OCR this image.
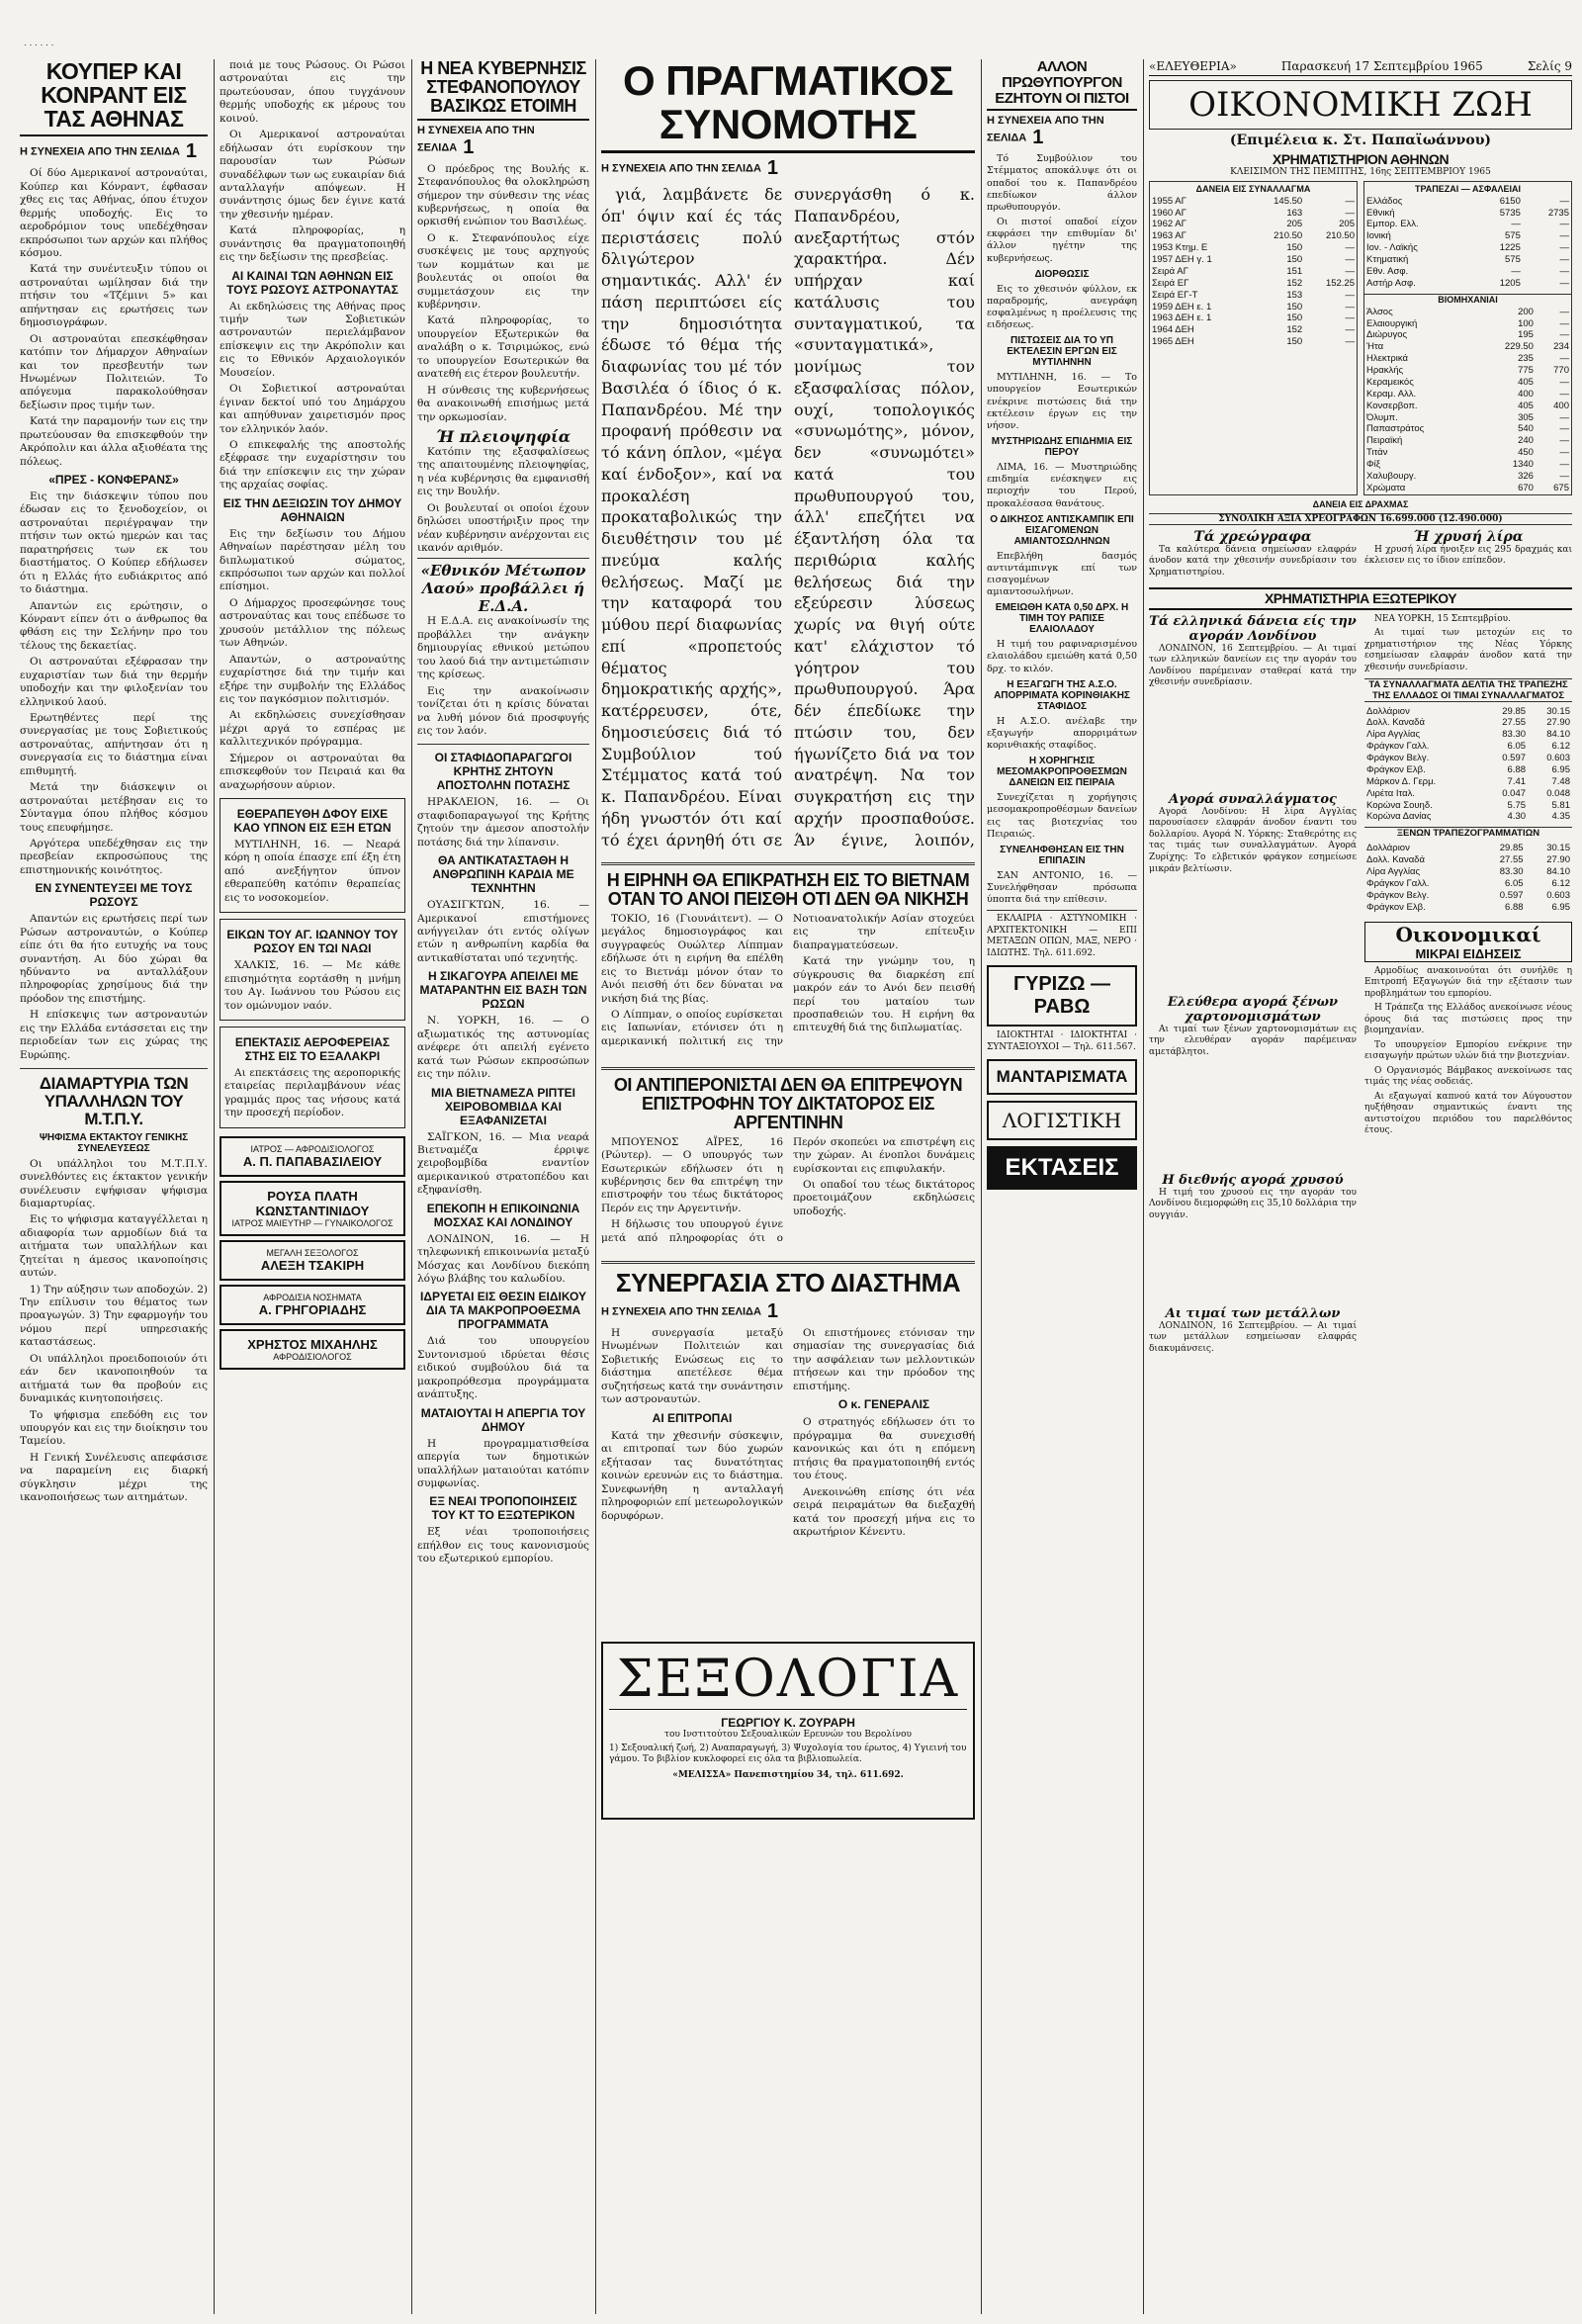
· · · · · ·
ΚΟΥΠΕΡ ΚΑΙ ΚΟΝΡΑΝΤ ΕΙΣ ΤΑΣ ΑΘΗΝΑΣ
Η ΣΥΝΕΧΕΙΑ ΑΠΟ ΤΗΝ ΣΕΛΙΔΑ 1

Οί δύο Αμερικανοί αστροναύται, Κούπερ και Κόνραντ, έφθασαν χθες εις τας Αθήνας, όπου έτυχον θερμής υποδοχής. Εις το αεροδρόμιον τους υπεδέχθησαν εκπρόσωποι των αρχών και πλήθος κόσμου.

Κατά την συνέντευξιν τύπου οι αστροναύται ωμίλησαν διά την πτήσιν του «Τζέμινι 5» και απήντησαν εις ερωτήσεις των δημοσιογράφων.

Οι αστροναύται επεσκέφθησαν κατόπιν τον Δήμαρχον Αθηναίων και τον πρεσβευτήν των Ηνωμένων Πολιτειών. Το απόγευμα παρακολούθησαν δεξίωσιν προς τιμήν των.

Κατά την παραμονήν των εις την πρωτεύουσαν θα επισκεφθούν την Ακρόπολιν και άλλα αξιοθέατα της πόλεως.

«ΠΡΕΣ - ΚΟΝΦΕΡΑΝΣ»

Εις την διάσκεψιν τύπου που έδωσαν εις το ξενοδοχείον, οι αστροναύται περιέγραψαν την πτήσιν των οκτώ ημερών και τας παρατηρήσεις των εκ του διαστήματος. Ο Κούπερ εδήλωσεν ότι η Ελλάς ήτο ευδιάκριτος από το διάστημα.

Απαντών εις ερώτησιν, ο Κόνραντ είπεν ότι ο άνθρωπος θα φθάση εις την Σελήνην προ του τέλους της δεκαετίας.

Οι αστροναύται εξέφρασαν την ευχαριστίαν των διά την θερμήν υποδοχήν και την φιλοξενίαν του ελληνικού λαού.

Ερωτηθέντες περί της συνεργασίας με τους Σοβιετικούς αστροναύτας, απήντησαν ότι η συνεργασία εις το διάστημα είναι επιθυμητή.

Μετά την διάσκεψιν οι αστροναύται μετέβησαν εις το Σύνταγμα όπου πλήθος κόσμου τους επευφήμησε.

Αργότερα υπεδέχθησαν εις την πρεσβείαν εκπροσώπους της επιστημονικής κοινότητος.

ΕΝ ΣΥΝΕΝΤΕΥΞΕΙ ΜΕ ΤΟΥΣ ΡΩΣΟΥΣ

Απαντών εις ερωτήσεις περί των Ρώσων αστροναυτών, ο Κούπερ είπε ότι θα ήτο ευτυχής να τους συναντήση. Αι δύο χώραι θα ηδύναντο να ανταλλάξουν πληροφορίας χρησίμους διά την πρόοδον της επιστήμης.

Η επίσκεψις των αστροναυτών εις την Ελλάδα εντάσσεται εις την περιοδείαν των εις χώρας της Ευρώπης.

ΔΙΑΜΑΡΤΥΡΙΑ ΤΩΝ ΥΠΑΛΛΗΛΩΝ ΤΟΥ Μ.Τ.Π.Υ.
ΨΗΦΙΣΜΑ ΕΚΤΑΚΤΟΥ ΓΕΝΙΚΗΣ ΣΥΝΕΛΕΥΣΕΩΣ

Οι υπάλληλοι του Μ.Τ.Π.Υ. συνελθόντες εις έκτακτον γενικήν συνέλευσιν εψήφισαν ψήφισμα διαμαρτυρίας.

Εις το ψήφισμα καταγγέλλεται η αδιαφορία των αρμοδίων διά τα αιτήματα των υπαλλήλων και ζητείται η άμεσος ικανοποίησις αυτών.

1) Την αύξησιν των αποδοχών. 2) Την επίλυσιν του θέματος των προαγωγών. 3) Την εφαρμογήν του νόμου περί υπηρεσιακής καταστάσεως.

Οι υπάλληλοι προειδοποιούν ότι εάν δεν ικανοποιηθούν τα αιτήματά των θα προβούν εις δυναμικάς κινητοποιήσεις.

Το ψήφισμα επεδόθη εις τον υπουργόν και εις την διοίκησιν του Ταμείου.

Η Γενική Συνέλευσις απεφάσισε να παραμείνη εις διαρκή σύγκλησιν μέχρι της ικανοποιήσεως των αιτημάτων.

ποιά με τους Ρώσους. Οι Ρώσοι αστροναύται εις την πρωτεύουσαν, όπου τυγχάνουν θερμής υποδοχής εκ μέρους του κοινού.

Οι Αμερικανοί αστροναύται εδήλωσαν ότι ευρίσκουν την παρουσίαν των Ρώσων συναδέλφων των ως ευκαιρίαν διά ανταλλαγήν απόψεων. Η συνάντησις όμως δεν έγινε κατά την χθεσινήν ημέραν.

Κατά πληροφορίας, η συνάντησις θα πραγματοποιηθή εις την δεξίωσιν της πρεσβείας.

ΑΙ ΚΑΙΝΑΙ ΤΩΝ ΑΘΗΝΩΝ ΕΙΣ ΤΟΥΣ ΡΩΣΟΥΣ ΑΣΤΡΟΝΑΥΤΑΣ

Αι εκδηλώσεις της Αθήνας προς τιμήν των Σοβιετικών αστροναυτών περιελάμβανον επίσκεψιν εις την Ακρόπολιν και εις το Εθνικόν Αρχαιολογικόν Μουσείον.

Οι Σοβιετικοί αστροναύται έγιναν δεκτοί υπό του Δημάρχου και απηύθυναν χαιρετισμόν προς τον ελληνικόν λαόν.

Ο επικεφαλής της αποστολής εξέφρασε την ευχαρίστησιν του διά την επίσκεψιν εις την χώραν της αρχαίας σοφίας.

ΕΙΣ ΤΗΝ ΔΕΞΙΩΣΙΝ ΤΟΥ ΔΗΜΟΥ ΑΘΗΝΑΙΩΝ

Εις την δεξίωσιν του Δήμου Αθηναίων παρέστησαν μέλη του διπλωματικού σώματος, εκπρόσωποι των αρχών και πολλοί επίσημοι.

Ο Δήμαρχος προσεφώνησε τους αστροναύτας και τους επέδωσε το χρυσούν μετάλλιον της πόλεως των Αθηνών.

Απαντών, ο αστροναύτης ευχαρίστησε διά την τιμήν και εξήρε την συμβολήν της Ελλάδος εις τον παγκόσμιον πολιτισμόν.

Αι εκδηλώσεις συνεχίσθησαν μέχρι αργά το εσπέρας με καλλιτεχνικόν πρόγραμμα.

Σήμερον οι αστροναύται θα επισκεφθούν τον Πειραιά και θα αναχωρήσουν αύριον.

ΕΘΕΡΑΠΕΥΘΗ ΔΦΟΥ ΕΙΧΕ ΚΑΟ ΥΠΝΟΝ ΕΙΣ ΕΞΗ ΕΤΩΝ

ΜΥΤΙΛΗΝΗ, 16. — Νεαρά κόρη η οποία έπασχε επί έξη έτη από ανεξήγητον ύπνον εθεραπεύθη κατόπιν θεραπείας εις το νοσοκομείον.

ΕΙΚΩΝ ΤΟΥ ΑΓ. ΙΩΑΝΝΟΥ ΤΟΥ ΡΩΣΟΥ ΕΝ ΤΩΙ ΝΑΩΙ

ΧΑΛΚΙΣ, 16. — Με κάθε επισημότητα εορτάσθη η μνήμη του Αγ. Ιωάννου του Ρώσου εις τον ομώνυμον ναόν.

ΕΠΕΚΤΑΣΙΣ ΑΕΡΟΦΕΡΕΙΑΣ ΣΤΗΣ ΕΙΣ ΤΟ ΕΞΑΛΑΚΡΙ

Αι επεκτάσεις της αεροπορικής εταιρείας περιλαμβάνουν νέας γραμμάς προς τας νήσους κατά την προσεχή περίοδον.

ΙΑΤΡΟΣ — ΑΦΡΟΔΙΣΙΟΛΟΓΟΣ
Α. Π. ΠΑΠΑΒΑΣΙΛΕΙΟΥ
ΡΟΥΣΑ ΠΛΑΤΗ ΚΩΝΣΤΑΝΤΙΝΙΔΟΥ
ΙΑΤΡΟΣ ΜΑΙΕΥΤΗΡ — ΓΥΝΑΙΚΟΛΟΓΟΣ
ΜΕΓΑΛΗ ΣΕΞΟΛΟΓΟΣ
ΑΛΕΞΗ ΤΣΑΚΙΡΗ
ΑΦΡΟΔΙΣΙΑ ΝΟΣΗΜΑΤΑ
Α. ΓΡΗΓΟΡΙΑΔΗΣ
ΧΡΗΣΤΟΣ ΜΙΧΑΗΛΗΣ
ΑΦΡΟΔΙΣΙΟΛΟΓΟΣ
Η ΝΕΑ ΚΥΒΕΡΝΗΣΙΣ ΣΤΕΦΑΝΟΠΟΥΛΟΥ ΒΑΣΙΚΩΣ ΕΤΟΙΜΗ
Η ΣΥΝΕΧΕΙΑ ΑΠΟ ΤΗΝ ΣΕΛΙΔΑ 1

Ο πρόεδρος της Βουλής κ. Στεφανόπουλος θα ολοκληρώση σήμερον την σύνθεσιν της νέας κυβερνήσεως, η οποία θα ορκισθή ενώπιον του Βασιλέως.

Ο κ. Στεφανόπουλος είχε συσκέψεις με τους αρχηγούς των κομμάτων και με βουλευτάς οι οποίοι θα συμμετάσχουν εις την κυβέρνησιν.

Κατά πληροφορίας, το υπουργείον Εξωτερικών θα αναλάβη ο κ. Τσιριμώκος, ενώ το υπουργείον Εσωτερικών θα ανατεθή εις έτερον βουλευτήν.

Η σύνθεσις της κυβερνήσεως θα ανακοινωθή επισήμως μετά την ορκωμοσίαν.

Ή πλειοψηφία

Κατόπιν της εξασφαλίσεως της απαιτουμένης πλειοψηφίας, η νέα κυβέρνησις θα εμφανισθή εις την Βουλήν.

Οι βουλευταί οι οποίοι έχουν δηλώσει υποστήριξιν προς την νέαν κυβέρνησιν ανέρχονται εις ικανόν αριθμόν.

«Εθνικόν Μέτωπον Λαού» προβάλλει ή Ε.Δ.Α.

Η Ε.Δ.Α. εις ανακοίνωσίν της προβάλλει την ανάγκην δημιουργίας εθνικού μετώπου του λαού διά την αντιμετώπισιν της κρίσεως.

Εις την ανακοίνωσιν τονίζεται ότι η κρίσις δύναται να λυθή μόνον διά προσφυγής εις τον λαόν.

ΟΙ ΣΤΑΦΙΔΟΠΑΡΑΓΩΓΟΙ ΚΡΗΤΗΣ ΖΗΤΟΥΝ ΑΠΟΣΤΟΛΗΝ ΠΟΤΑΣΗΣ

ΗΡΑΚΛΕΙΟΝ, 16. — Οι σταφιδοπαραγωγοί της Κρήτης ζητούν την άμεσον αποστολήν ποτάσης διά την λίπανσιν.

ΘΑ ΑΝΤΙΚΑΤΑΣΤΑΘΗ Η ΑΝΘΡΩΠΙΝΗ ΚΑΡΔΙΑ ΜΕ ΤΕΧΝΗΤΗΝ

ΟΥΑΣΙΓΚΤΩΝ, 16. — Αμερικανοί επιστήμονες ανήγγειλαν ότι εντός ολίγων ετών η ανθρωπίνη καρδία θα αντικαθίσταται υπό τεχνητής.

Η ΣΙΚΑΓΟΥΡΑ ΑΠΕΙΛΕΙ ΜΕ ΜΑΤΑΡΑΝΤΗΝ ΕΙΣ ΒΑΣΗ ΤΩΝ ΡΩΣΩΝ

Ν. ΥΟΡΚΗ, 16. — Ο αξιωματικός της αστυνομίας ανέφερε ότι απειλή εγένετο κατά των Ρώσων εκπροσώπων εις την πόλιν.

ΜΙΑ ΒΙΕΤΝΑΜΕΖΑ ΡΙΠΤΕΙ ΧΕΙΡΟΒΟΜΒΙΔΑ ΚΑΙ ΕΞΑΦΑΝΙΖΕΤΑΙ

ΣΑΪΓΚΟΝ, 16. — Μια νεαρά Βιετναμέζα έρριψε χειροβομβίδα εναντίον αμερικανικού στρατοπέδου και εξηφανίσθη.

ΕΠΕΚΟΠΗ Η ΕΠΙΚΟΙΝΩΝΙΑ ΜΟΣΧΑΣ ΚΑΙ ΛΟΝΔΙΝΟΥ

ΛΟΝΔΙΝΟΝ, 16. — Η τηλεφωνική επικοινωνία μεταξύ Μόσχας και Λονδίνου διεκόπη λόγω βλάβης του καλωδίου.

ΙΔΡΥΕΤΑΙ ΕΙΣ ΘΕΣΙΝ ΕΙΔΙΚΟΥ ΔΙΑ ΤΑ ΜΑΚΡΟΠΡΟΘΕΣΜΑ ΠΡΟΓΡΑΜΜΑΤΑ

Διά του υπουργείου Συντονισμού ιδρύεται θέσις ειδικού συμβούλου διά τα μακροπρόθεσμα προγράμματα ανάπτυξης.

ΜΑΤΑΙΟΥΤΑΙ Η ΑΠΕΡΓΙΑ ΤΟΥ ΔΗΜΟΥ

Η προγραμματισθείσα απεργία των δημοτικών υπαλλήλων ματαιούται κατόπιν συμφωνίας.

ΕΞ ΝΕΑΙ ΤΡΟΠΟΠΟΙΗΣΕΙΣ ΤΟΥ ΚΤ ΤΟ ΕΞΩΤΕΡΙΚΟΝ

Εξ νέαι τροποποιήσεις επήλθον εις τους κανονισμούς του εξωτερικού εμπορίου.

Ο ΠΡΑΓΜΑΤΙΚΟΣ ΣΥΝΟΜΟΤΗΣ
Η ΣΥΝΕΧΕΙΑ ΑΠΟ ΤΗΝ ΣΕΛΙΔΑ 1

γιά, λαμβάνετε δε όπ' όψιν καί ές τάς περιστάσεις πολύ δλιγώτερον σημαντικάς. Αλλ' έν πάση περιπτώσει είς την δημοσιότητα έδωσε τό θέμα τής διαφωνίας του μέ τόν Βασιλέα ό ίδιος ό κ. Παπανδρέου. Μέ την προφανή πρόθεσιν να τό κάνη όπλον, «μέγα καί ένδοξον», καί να προκαλέση προκαταβολικώς την διευθέτησιν του μέ πνεύμα καλής θελήσεως. Μαζί με την καταφορά του μύθου περί διαφωνίας επί «προπετούς θέματος δημοκρατικής αρχής», κατέρρευσεν, ότε, δημοσιεύσεις διά τό Συμβούλιον τού Στέμματος κατά τού κ. Παπανδρέου. Είναι ήδη γνωστόν ότι καί τό έχει άρνηθή ότι σε συνεργάσθη ό κ. Παπανδρέου, ανεξαρτήτως στόν χαρακτήρα. Δέν υπήρχαν καί κατάλυσις του συνταγματικού, τα «συνταγματικά», μονίμως τον εξασφαλίσας πόλον, ουχί, τοπολογικός «συνωμότης», μόνον, δεν «συνωμότει» κατά του πρωθυπουργού του, άλλ' επεζήτει να έξαντλήση όλα τα περιθώρια καλής θελήσεως διά την εξεύρεσιν λύσεως χωρίς να θιγή ούτε κατ' ελάχιστον τό γόητρον του πρωθυπουργού. Άρα δέν έπεδίωκε την πτώσιν του, δεν ήγωνίζετο διά να τον ανατρέψη. Να τον συγκρατήση εις την αρχήν προσπαθούσε. Άν έγινε, λοιπόν,

Η ΕΙΡΗΝΗ ΘΑ ΕΠΙΚΡΑΤΗΣΗ ΕΙΣ ΤΟ ΒΙΕΤΝΑΜ ΟΤΑΝ ΤΟ ΑΝΟΙ ΠΕΙΣΘΗ ΟΤΙ ΔΕΝ ΘΑ ΝΙΚΗΣΗ

ΤΟΚΙΟ, 16 (Γιουνάιτεντ). — Ο μεγάλος δημοσιογράφος και συγγραφεύς Ουώλτερ Λίππμαν εδήλωσε ότι η ειρήνη θα επέλθη εις το Βιετνάμ μόνον όταν το Ανόι πεισθή ότι δεν δύναται να νικήση διά της βίας.

Ο Λίππμαν, ο οποίος ευρίσκεται εις Ιαπωνίαν, ετόνισεν ότι η αμερικανική πολιτική εις την Νοτιοανατολικήν Ασίαν στοχεύει εις την επίτευξιν διαπραγματεύσεων.

Κατά την γνώμην του, η σύγκρουσις θα διαρκέση επί μακρόν εάν το Ανόι δεν πεισθή περί του ματαίου των προσπαθειών του. Η ειρήνη θα επιτευχθή διά της διπλωματίας.

ΟΙ ΑΝΤΙΠΕΡΟΝΙΣΤΑΙ ΔΕΝ ΘΑ ΕΠΙΤΡΕΨΟΥΝ ΕΠΙΣΤΡΟΦΗΝ ΤΟΥ ΔΙΚΤΑΤΟΡΟΣ ΕΙΣ ΑΡΓΕΝΤΙΝΗΝ

ΜΠΟΥΕΝΟΣ ΑΪΡΕΣ, 16 (Ρώυτερ). — Ο υπουργός των Εσωτερικών εδήλωσεν ότι η κυβέρνησις δεν θα επιτρέψη την επιστροφήν του τέως δικτάτορος Περόν εις την Αργεντινήν.

Η δήλωσις του υπουργού έγινε μετά από πληροφορίας ότι ο Περόν σκοπεύει να επιστρέψη εις την χώραν. Αι ένοπλοι δυνάμεις ευρίσκονται εις επιφυλακήν.

Οι οπαδοί του τέως δικτάτορος προετοιμάζουν εκδηλώσεις υποδοχής.

ΣΥΝΕΡΓΑΣΙΑ ΣΤΟ ΔΙΑΣΤΗΜΑ
Η ΣΥΝΕΧΕΙΑ ΑΠΟ ΤΗΝ ΣΕΛΙΔΑ 1

Η συνεργασία μεταξύ Ηνωμένων Πολιτειών και Σοβιετικής Ενώσεως εις το διάστημα απετέλεσε θέμα συζητήσεως κατά την συνάντησιν των αστροναυτών.

ΑΙ ΕΠΙΤΡΟΠΑΙ

Κατά την χθεσινήν σύσκεψιν, αι επιτροπαί των δύο χωρών εξήτασαν τας δυνατότητας κοινών ερευνών εις το διάστημα. Συνεφωνήθη η ανταλλαγή πληροφοριών επί μετεωρολογικών δορυφόρων.

Οι επιστήμονες ετόνισαν την σημασίαν της συνεργασίας διά την ασφάλειαν των μελλοντικών πτήσεων και την πρόοδον της επιστήμης.

Ο κ. ΓΕΝΕΡΑΛΙΣ

Ο στρατηγός εδήλωσεν ότι το πρόγραμμα θα συνεχισθή κανονικώς και ότι η επόμενη πτήσις θα πραγματοποιηθή εντός του έτους.

Ανεκοινώθη επίσης ότι νέα σειρά πειραμάτων θα διεξαχθή κατά τον προσεχή μήνα εις το ακρωτήριον Κένεντυ.

ΣΕΞΟΛΟΓΙΑ
ΓΕΩΡΓΙΟΥ Κ. ΖΟΥΡΑΡΗ
του Ινστιτούτου Σεξουαλικών Ερευνών του Βερολίνου
1) Σεξουαλική ζωή, 2) Αναπαραγωγή, 3) Ψυχολογία του έρωτος, 4) Υγιεινή του γάμου. Το βιβλίον κυκλοφορεί εις όλα τα βιβλιοπωλεία.
«ΜΕΛΙΣΣΑ» Πανεπιστημίου 34, τηλ. 611.692.
ΑΛΛΟΝ ΠΡΩΘΥΠΟΥΡΓΟΝ ΕΖΗΤΟΥΝ ΟΙ ΠΙΣΤΟΙ
Η ΣΥΝΕΧΕΙΑ ΑΠΟ ΤΗΝ ΣΕΛΙΔΑ 1

Τό Συμβούλιον του Στέμματος αποκάλυψε ότι οι οπαδοί του κ. Παπανδρέου επεδίωκον άλλον πρωθυπουργόν.

Οι πιστοί οπαδοί είχον εκφράσει την επιθυμίαν δι' άλλον ηγέτην της κυβερνήσεως.

ΔΙΟΡΘΩΣΙΣ

Εις το χθεσινόν φύλλον, εκ παραδρομής, ανεγράφη εσφαλμένως η προέλευσις της ειδήσεως.

ΠΙΣΤΩΣΕΙΣ ΔΙΑ ΤΟ ΥΠ ΕΚΤΕΛΕΣΙΝ ΕΡΓΩΝ ΕΙΣ ΜΥΤΙΛΗΝΗΝ

ΜΥΤΙΛΗΝΗ, 16. — Το υπουργείον Εσωτερικών ενέκρινε πιστώσεις διά την εκτέλεσιν έργων εις την νήσον.

ΜΥΣΤΗΡΙΩΔΗΣ ΕΠΙΔΗΜΙΑ ΕΙΣ ΠΕΡΟΥ

ΛΙΜΑ, 16. — Μυστηριώδης επιδημία ενέσκηψεν εις περιοχήν του Περού, προκαλέσασα θανάτους.

Ο ΔΙΚΗΣΟΣ ΑΝΤΙΣΚΑΜΠΙΚ ΕΠΙ ΕΙΣΑΓΟΜΕΝΩΝ ΑΜΙΑΝΤΟΣΩΛΗΝΩΝ

Επεβλήθη δασμός αντιντάμπινγκ επί των εισαγομένων αμιαντοσωλήνων.

ΕΜΕΙΩΘΗ ΚΑΤΑ 0,50 ΔΡΧ. Η ΤΙΜΗ ΤΟΥ ΡΑΠΙΣΕ ΕΛΑΙΟΛΑΔΟΥ

Η τιμή του ραφιναρισμένου ελαιολάδου εμειώθη κατά 0,50 δρχ. το κιλόν.

Η ΕΞΑΓΩΓΗ ΤΗΣ Α.Σ.Ο. ΑΠΟΡΡΙΜΑΤΑ ΚΟΡΙΝΘΙΑΚΗΣ ΣΤΑΦΙΔΟΣ

Η Α.Σ.Ο. ανέλαβε την εξαγωγήν απορριμάτων κορινθιακής σταφίδος.

Η ΧΟΡΗΓΗΣΙΣ ΜΕΣΟΜΑΚΡΟΠΡΟΘΕΣΜΩΝ ΔΑΝΕΙΩΝ ΕΙΣ ΠΕΙΡΑΙΑ

Συνεχίζεται η χορήγησις μεσομακροπροθέσμων δανείων εις τας βιοτεχνίας του Πειραιώς.

ΣΥΝΕΛΗΦΘΗΣΑΝ ΕΙΣ ΤΗΝ ΕΠΙΠΑΣΙΝ

ΣΑΝ ΑΝΤΟΝΙΟ, 16. — Συνελήφθησαν πρόσωπα ύποπτα διά την επίθεσιν.

ΕΚΛΑΙΡΙΑ · ΑΣΤΥΝΟΜΙΚΗ · ΑΡΧΙΤΕΚΤΟΝΙΚΗ — ΕΠΙ ΜΕΤΑΞΩΝ ΟΠΩΝ, ΜΑΞ, ΝΕΡΟ · ΙΔΙΩΤΗΣ. Τηλ. 611.692.

ΓΥΡΙΖΩ — ΡΑΒΩ

ΙΔΙΟΚΤΗΤΑΙ · ΙΔΙΟΚΤΗΤΑΙ · ΣΥΝΤΑΞΙΟΥΧΟΙ — Τηλ. 611.567.

ΜΑΝΤΑΡΙΣΜΑΤΑ
ΛΟΓΙΣΤΙΚΗ
ΕΚΤΑΣΕΙΣ
«ΕΛΕΥΘΕΡΙΑ»	Παρασκευή 17 Σεπτεμβρίου 1965	Σελίς 9
ΟΙΚΟΝΟΜΙΚΗ ΖΩΗ
(Επιμέλεια κ. Στ. Παπαϊωάννου)
ΧΡΗΜΑΤΙΣΤΗΡΙΟΝ ΑΘΗΝΩΝ
ΚΛΕΙΣΙΜΟΝ ΤΗΣ ΠΕΜΠΤΗΣ, 16ης ΣΕΠΤΕΜΒΡΙΟΥ 1965
ΔΑΝΕΙΑ ΕΙΣ ΣΥΝΑΛΛΑΓΜΑ
1955 ΑΓ	145.50	—
1960 ΑΓ	163	—
1962 ΑΓ	205	205
1963 ΑΓ	210.50	210.50
1953 Κτημ. Ε	150	—
1957 ΔΕΗ γ. 1	150	—
Σειρά ΑΓ	151	—
Σειρά ΕΓ	152	152.25
Σειρά ΕΓ-Τ	153	—
1959 ΔΕΗ ε. 1	150	—
1963 ΔΕΗ ε. 1	150	—
1964 ΔΕΗ	152	—
1965 ΔΕΗ	150	—
ΤΡΑΠΕΖΑΙ — ΑΣΦΑΛΕΙΑΙ
Ελλάδος	6150	—
Εθνική	5735	2735
Εμπορ. Ελλ.	—	—
Ιονική	575	—
Ιον. - Λαϊκής	1225	—
Κτηματική	575	—
Εθν. Ασφ.	—	—
Αστήρ Ασφ.	1205	—
ΒΙΟΜΗΧΑΝΙΑΙ
Άλσος	200	—
Ελαιουργική	100	—
Διώρυγος	195	—
Ήτα	229.50	234
Ηλεκτρικά	235	—
Ηρακλής	775	770
Κεραμεικός	405	—
Κεραμ. Αλλ.	400	—
Κονσερβοπ.	405	400
Όλυμπ.	305	—
Παπαστράτος	540	—
Πειραϊκή	240	—
Τιτάν	450	—
Φίξ	1340	—
Χαλυβουργ.	326	—
Χρώματα	670	675
ΔΑΝΕΙΑ ΕΙΣ ΔΡΑΧΜΑΣ
ΣΥΝΟΛΙΚΗ ΑΞΙΑ ΧΡΕΟΓΡΑΦΩΝ 16.699.000 (12.490.000)
Τά χρεώγραφα

Τα καλύτερα δάνεια σημείωσαν ελαφράν άνοδον κατά την χθεσινήν συνεδρίασιν του Χρηματιστηρίου.

Ή χρυσή λίρα

Η χρυσή λίρα ήνοιξεν εις 295 δραχμάς και έκλεισεν εις το ίδιον επίπεδον.

ΧΡΗΜΑΤΙΣΤΗΡΙΑ ΕΞΩΤΕΡΙΚΟΥ
Τά ελληνικά δάνεια είς την αγοράν Λονδίνου

ΛΟΝΔΙΝΟΝ, 16 Σεπτεμβρίου. — Αι τιμαί των ελληνικών δανείων εις την αγοράν του Λονδίνου παρέμειναν σταθεραί κατά την χθεσινήν συνεδρίασιν.

Αγορά συναλλάγματος

Αγορά Λονδίνου: Η λίρα Αγγλίας παρουσίασεν ελαφράν άνοδον έναντι του δολλαρίου. Αγορά Ν. Υόρκης: Σταθερότης εις τας τιμάς των συναλλαγμάτων. Αγορά Ζυρίχης: Το ελβετικόν φράγκον εσημείωσε μικράν βελτίωσιν.

Ελεύθερα αγορά ξένων χαρτονομισμάτων

Αι τιμαί των ξένων χαρτονομισμάτων εις την ελευθέραν αγοράν παρέμειναν αμετάβλητοι.

Η διεθνής αγορά χρυσού

Η τιμή του χρυσού εις την αγοράν του Λονδίνου διεμορφώθη εις 35,10 δολλάρια την ουγγιάν.

Αι τιμαί των μετάλλων

ΛΟΝΔΙΝΟΝ, 16 Σεπτεμβρίου. — Αι τιμαί των μετάλλων εσημείωσαν ελαφράς διακυμάνσεις.

ΝΕΑ ΥΟΡΚΗ, 15 Σεπτεμβρίου.

Αι τιμαί των μετοχών εις το χρηματιστήριον της Νέας Υόρκης εσημείωσαν ελαφράν άνοδον κατά την χθεσινήν συνεδρίασιν.

ΤΑ ΣΥΝΑΛΛΑΓΜΑΤΑ ΔΕΛΤΙΑ ΤΗΣ ΤΡΑΠΕΖΗΣ ΤΗΣ ΕΛΛΑΔΟΣ ΟΙ ΤΙΜΑΙ ΣΥΝΑΛΛΑΓΜΑΤΟΣ
Δολλάριον	29.85	30.15
Δολλ. Καναδά	27.55	27.90
Λίρα Αγγλίας	83.30	84.10
Φράγκον Γαλλ.	6.05	6.12
Φράγκον Βελγ.	0.597	0.603
Φράγκον Ελβ.	6.88	6.95
Μάρκον Δ. Γερμ.	7.41	7.48
Λιρέτα Ιταλ.	0.047	0.048
Κορώνα Σουηδ.	5.75	5.81
Κορώνα Δανίας	4.30	4.35
ΞΕΝΩΝ ΤΡΑΠΕΖΟΓΡΑΜΜΑΤΙΩΝ
Δολλάριον	29.85	30.15
Δολλ. Καναδά	27.55	27.90
Λίρα Αγγλίας	83.30	84.10
Φράγκον Γαλλ.	6.05	6.12
Φράγκον Βελγ.	0.597	0.603
Φράγκον Ελβ.	6.88	6.95
Οικονομικαί
ΜΙΚΡΑΙ ΕΙΔΗΣΕΙΣ

Αρμοδίως ανακοινούται ότι συνήλθε η Επιτροπή Εξαγωγών διά την εξέτασιν των προβλημάτων του εμπορίου.

Η Τράπεζα της Ελλάδος ανεκοίνωσε νέους όρους διά τας πιστώσεις προς την βιομηχανίαν.

Το υπουργείον Εμπορίου ενέκρινε την εισαγωγήν πρώτων υλών διά την βιοτεχνίαν.

Ο Οργανισμός Βάμβακος ανεκοίνωσε τας τιμάς της νέας σοδειάς.

Αι εξαγωγαί καπνού κατά τον Αύγουστον ηυξήθησαν σημαντικώς έναντι της αντιστοίχου περιόδου του παρελθόντος έτους.
